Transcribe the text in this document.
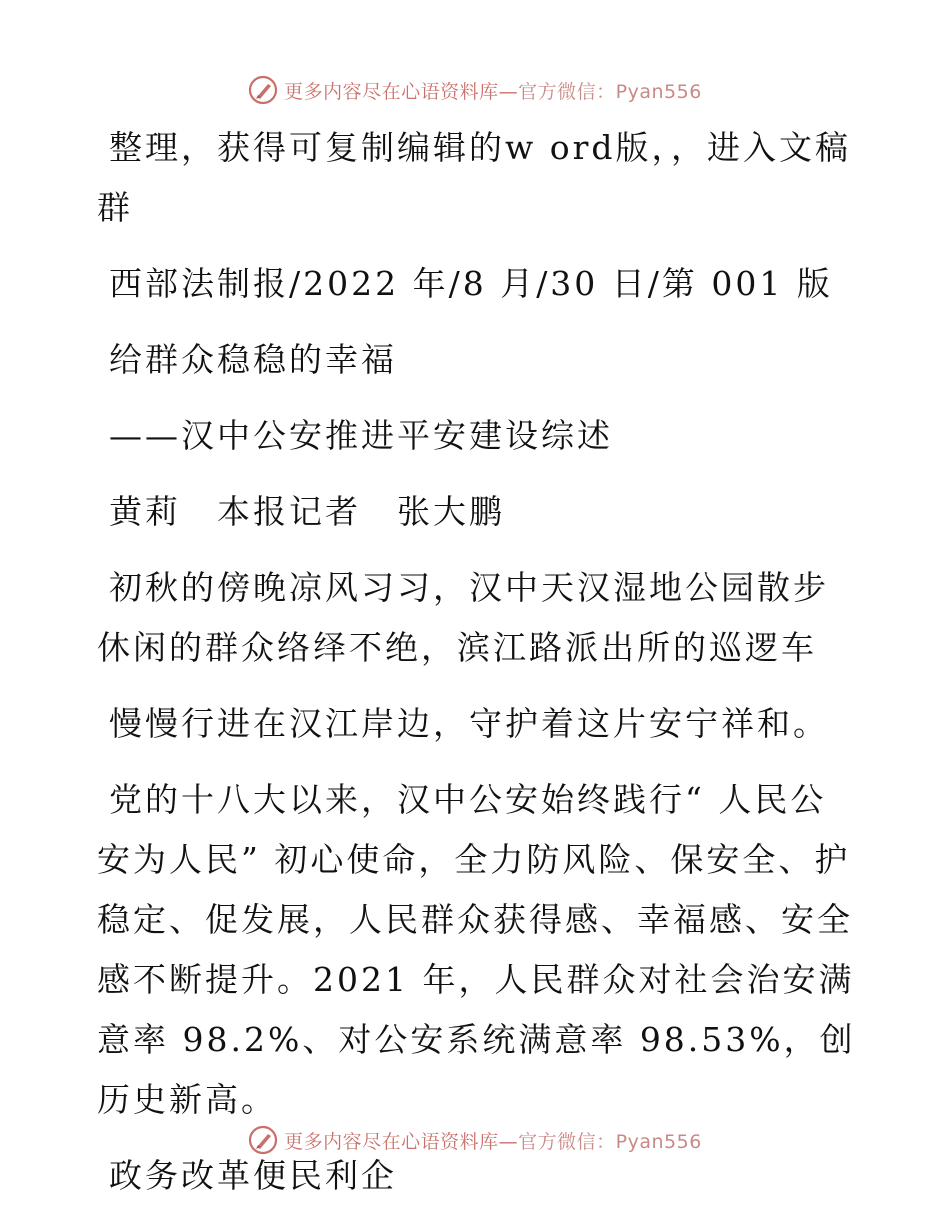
更多内容尽在心语资料库—官方微信：Pyan556

整理，获得可复制编辑的w ord版，，进入文稿群

西部法制报/2022 年/8 月/30 日/第 001 版

给群众稳稳的幸福

——汉中公安推进平安建设综述

黄莉　本报记者　张大鹏

初秋的傍晚凉风习习，汉中天汉湿地公园散步休闲的群众络绎不绝，滨江路派出所的巡逻车

慢慢行进在汉江岸边，守护着这片安宁祥和。

党的十八大以来，汉中公安始终践行“ 人民公安为人民” 初心使命，全力防风险、保安全、护稳定、促发展，人民群众获得感、幸福感、安全感不断提升。2021 年，人民群众对社会治安满意率 98.2%、对公安系统满意率 98.53%，创历史新高。

政务改革便民利企

更多内容尽在心语资料库—官方微信：Pyan556
